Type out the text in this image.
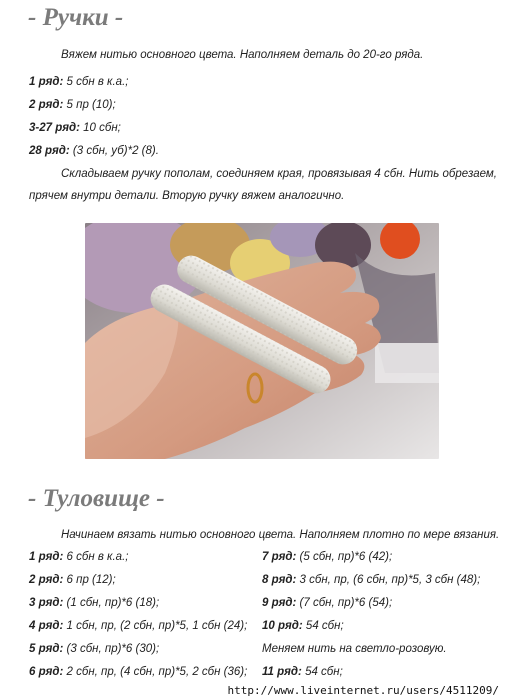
- Ручки -

Вяжем нитью основного цвета. Наполняем деталь до 20-го ряда.

1 ряд: 5 сбн в к.а.;

2 ряд: 5 пр (10);

3-27 ряд: 10 сбн;

28 ряд: (3 сбн, уб)*2 (8).

Складываем ручку пополам, соединяем края, провязывая 4 сбн. Нить обрезаем,

прячем внутри детали. Вторую ручку вяжем аналогично.

- Туловище -

Начинаем вязать нитью основного цвета. Наполняем плотно по мере вязания.

1 ряд: 6 сбн в к.а.;

2 ряд: 6 пр (12);

3 ряд: (1 сбн, пр)*6 (18);

4 ряд: 1 сбн, пр, (2 сбн, пр)*5, 1 сбн (24);

5 ряд: (3 сбн, пр)*6 (30);

6 ряд: 2 сбн, пр, (4 сбн, пр)*5, 2 сбн (36);

7 ряд: (5 сбн, пр)*6 (42);

8 ряд: 3 сбн, пр, (6 сбн, пр)*5, 3 сбн (48);

9 ряд: (7 сбн, пр)*6 (54);

10 ряд: 54 сбн;

Меняем нить на светло-розовую.

11 ряд: 54 сбн;

http://www.liveinternet.ru/users/4511209/
